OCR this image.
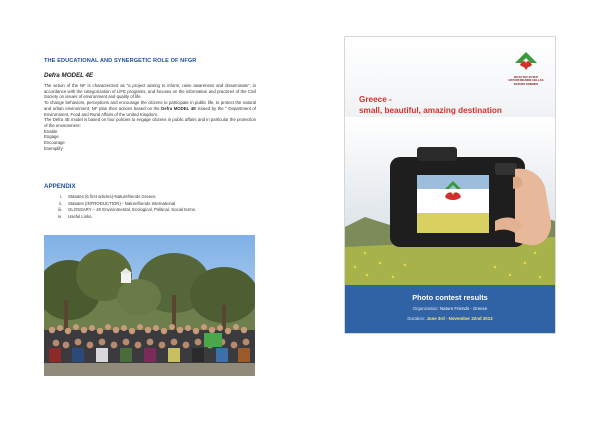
THE EDUCATIONAL AND SYNERGETIC ROLE OF NFGR
Defra MODEL 4E

The action of the NF is characterized as "a project aiming to inform, raise awareness and disseminate", in accordance with the categorization of LIFE programs, and focuses on the information and practices of the Civil Society on issues of environment and quality of life.

To change behaviors, perceptions and encourage the citizens to participate in public life, to protect the natural and urban environment, NF plan their actions based on the Defra MODEL 4E issued by the " Department of Environment, Food and Rural Affairs of the United Kingdom.

The Defra 4E model is based on four policies to engage citizens in public affairs and in particular the protection of the environment:

Enable
Engage
Encourage
Exemplify
APPENDIX
i.	Statutes (6 first articles)-Naturefriends Greece
ii.	Statutes (INTRODUCTION) - Naturefriends International
iii.	GLOSSARY – 40 Environmental, Ecological, Political, Social terms.
iv.	Useful Links.
ΦΙΛΟΙ ΤΗΣ ΦΥΣΗΣ
NATURFREUNDE HELLAS
NATURE FRIENDS
Greece -
small, beautiful, amazing destination
Photo contest results
Organization: Nature Friends - Greece
Duration: June 3rd - November 22nd 2013
